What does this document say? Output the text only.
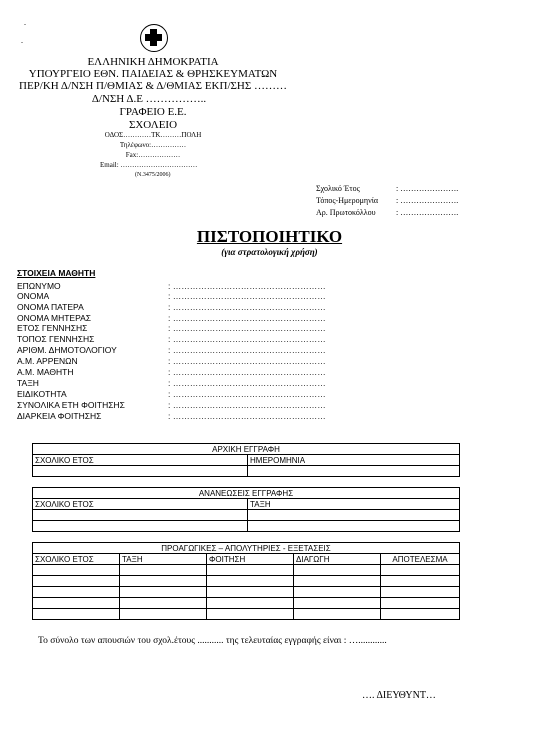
.
.
ΕΛΛΗΝΙΚΗ ΔΗΜΟΚΡΑΤΙΑ
ΥΠΟΥΡΓΕΙΟ ΕΘΝ. ΠΑΙΔΕΙΑΣ & ΘΡΗΣΚΕΥΜΑΤΩΝ
ΠΕΡ/ΚΗ Δ/ΝΣΗ Π/ΘΜΙΑΣ & Δ/ΘΜΙΑΣ ΕΚΠ/ΣΗΣ ………
Δ/ΝΣΗ Δ.Ε ……………..
ΓΡΑΦΕΙΟ Ε.Ε.
ΣΧΟΛΕΙΟ
ΟΔΟΣ…………ΤΚ………ΠΟΛΗ
Τηλέφωνο:……………
Fax:………………
Email: ……………………………
(Ν.3475/2006)
Σχολικό Έτος	: ………………….
Τόπος-Ημερομηνία	: ………………….
Αρ. Πρωτοκόλλου	: ………………….
ΠΙΣΤΟΠΟΙΗΤΙΚΟ
(για στρατολογική χρήση)
ΣΤΟΙΧΕΙΑ ΜΑΘΗΤΗ
ΕΠΩΝΥΜΟ	: ………………………………………………
ΟΝΟΜΑ	: ………………………………………………
ΟΝΟΜΑ ΠΑΤΕΡΑ	: ………………………………………………
ΟΝΟΜΑ ΜΗΤΕΡΑΣ	: ………………………………………………
ΕΤΟΣ ΓΕΝΝΗΣΗΣ	: ………………………………………………
ΤΟΠΟΣ ΓΕΝΝΗΣΗΣ	: ………………………………………………
ΑΡΙΘΜ. ΔΗΜΟΤΟΛΟΓΙΟΥ	: ………………………………………………
Α.Μ. ΑΡΡΕΝΩΝ	: ………………………………………………
Α.Μ. ΜΑΘΗΤΗ	: ………………………………………………
ΤΑΞΗ	: ………………………………………………
ΕΙΔΙΚΟΤΗΤΑ	: ………………………………………………
ΣΥΝΟΛΙΚΑ ΕΤΗ ΦΟΙΤΗΣΗΣ	: ………………………………………………
ΔΙΑΡΚΕΙΑ ΦΟΙΤΗΣΗΣ	: ………………………………………………
ΑΡΧΙΚΗ ΕΓΓΡΑΦΗ	
ΣΧΟΛΙΚΟ ΕΤΟΣ	ΗΜΕΡΟΜΗΝΙΑ

ΑΝΑΝΕΩΣΕΙΣ ΕΓΓΡΑΦΗΣ	
ΣΧΟΛΙΚΟ ΕΤΟΣ	ΤΑΞΗ

ΠΡΟΑΓΩΓΙΚΕΣ – ΑΠΟΛΥΤΗΡΙΕΣ - ΕΞΕΤΑΣΕΙΣ				
ΣΧΟΛΙΚΟ ΕΤΟΣ	ΤΑΞΗ	ΦΟΙΤΗΣΗ	ΔΙΑΓΩΓΗ	ΑΠΟΤΕΛΕΣΜΑ

Το σύνολο των απουσιών του σχολ.έτους ........... της τελευταίας εγγραφής είναι : …............
…. ΔΙΕΥΘΥΝΤ…
